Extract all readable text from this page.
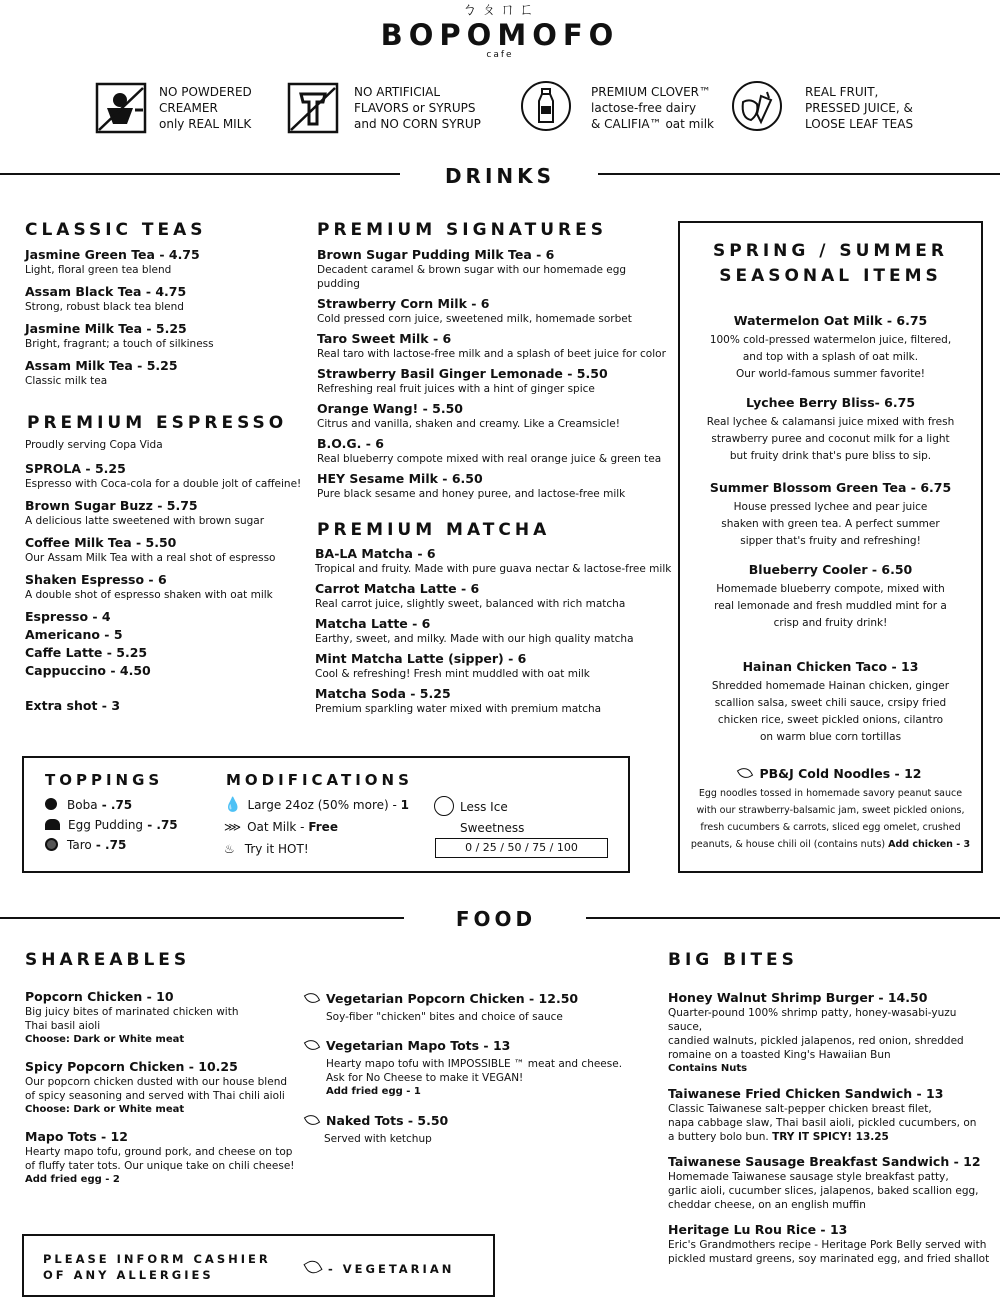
ㄅㄆㄇㄈ
BOPOMOFO
cafe
NO POWDERED
CREAMER
only REAL MILK
NO ARTIFICIAL
FLAVORS or SYRUPS
and NO CORN SYRUP
PREMIUM CLOVER™
lactose-free dairy
& CALIFIA™ oat milk
REAL FRUIT,
PRESSED JUICE, &
LOOSE LEAF TEAS
DRINKS
CLASSIC TEAS
Jasmine Green Tea - 4.75
Light, floral green tea blend
Assam Black Tea - 4.75
Strong, robust black tea blend
Jasmine Milk Tea - 5.25
Bright, fragrant; a touch of silkiness
Assam Milk Tea - 5.25
Classic milk tea
PREMIUM ESPRESSO
Proudly serving Copa Vida
SPROLA - 5.25
Espresso with Coca-cola for a double jolt of caffeine!
Brown Sugar Buzz - 5.75
A delicious latte sweetened with brown sugar
Coffee Milk Tea - 5.50
Our Assam Milk Tea with a real shot of espresso
Shaken Espresso - 6
A double shot of espresso shaken with oat milk
Espresso - 4
Americano - 5
Caffe Latte - 5.25
Cappuccino - 4.50
Extra shot - 3
PREMIUM SIGNATURES
Brown Sugar Pudding Milk Tea - 6
Decadent caramel & brown sugar with our homemade egg pudding
Strawberry Corn Milk - 6
Cold pressed corn juice, sweetened milk, homemade sorbet
Taro Sweet Milk - 6
Real taro with lactose-free milk and a splash of beet juice for color
Strawberry Basil Ginger Lemonade - 5.50
Refreshing real fruit juices with a hint of ginger spice
Orange Wang! - 5.50
Citrus and vanilla, shaken and creamy. Like a Creamsicle!
B.O.G. - 6
Real blueberry compote mixed with real orange juice & green tea
HEY Sesame Milk - 6.50
Pure black sesame and honey puree, and lactose-free milk
PREMIUM MATCHA
BA-LA Matcha - 6
Tropical and fruity. Made with pure guava nectar & lactose-free milk
Carrot Matcha Latte - 6
Real carrot juice, slightly sweet, balanced with rich matcha
Matcha Latte - 6
Earthy, sweet, and milky. Made with our high quality matcha
Mint Matcha Latte (sipper) - 6
Cool & refreshing! Fresh mint muddled with oat milk
Matcha Soda - 5.25
Premium sparkling water mixed with premium matcha
SPRING / SUMMER
SEASONAL ITEMS
Watermelon Oat Milk - 6.75
100% cold-pressed watermelon juice, filtered,
and top with a splash of oat milk.
Our world-famous summer favorite!
Lychee Berry Bliss- 6.75
Real lychee & calamansi juice mixed with fresh
strawberry puree and coconut milk for a light
but fruity drink that's pure bliss to sip.
Summer Blossom Green Tea - 6.75
House pressed lychee and pear juice
shaken with green tea. A perfect summer
sipper that's fruity and refreshing!
Blueberry Cooler - 6.50
Homemade blueberry compote, mixed with
real lemonade and fresh muddled mint for a
crisp and fruity drink!
Hainan Chicken Taco - 13
Shredded homemade Hainan chicken, ginger
scallion salsa, sweet chili sauce, crsipy fried
chicken rice, sweet pickled onions, cilantro
on warm blue corn tortillas
PB&J Cold Noodles - 12
Egg noodles tossed in homemade savory peanut sauce
with our strawberry-balsamic jam, sweet pickled onions,
fresh cucumbers & carrots, sliced egg omelet, crushed
peanuts, & house chili oil (contains nuts) Add chicken - 3
TOPPINGS
Boba - .75
Egg Pudding - .75
Taro - .75
MODIFICATIONS
💧 Large 24oz (50% more) - 1
⋙ Oat Milk - Free
♨ Try it HOT!
Less Ice
Sweetness
0 / 25 / 50 / 75 / 100
FOOD
SHAREABLES
Popcorn Chicken - 10
Big juicy bites of marinated chicken with
Thai basil aioli
Choose: Dark or White meat
Spicy Popcorn Chicken - 10.25
Our popcorn chicken dusted with our house blend
of spicy seasoning and served with Thai chili aioli
Choose: Dark or White meat
Mapo Tots - 12
Hearty mapo tofu, ground pork, and cheese on top
of fluffy tater tots. Our unique take on chili cheese!
Add fried egg - 2
Vegetarian Popcorn Chicken - 12.50
Soy-fiber "chicken" bites and choice of sauce
Vegetarian Mapo Tots - 13
Hearty mapo tofu with IMPOSSIBLE ™ meat and cheese.
Ask for No Cheese to make it VEGAN!
Add fried egg - 1
Naked Tots - 5.50
Served with ketchup
BIG BITES
Honey Walnut Shrimp Burger - 14.50
Quarter-pound 100% shrimp patty, honey-wasabi-yuzu sauce,
candied walnuts, pickled jalapenos, red onion, shredded
romaine on a toasted King's Hawaiian Bun
Contains Nuts
Taiwanese Fried Chicken Sandwich - 13
Classic Taiwanese salt-pepper chicken breast filet,
napa cabbage slaw, Thai basil aioli, pickled cucumbers, on
a buttery bolo bun. TRY IT SPICY! 13.25
Taiwanese Sausage Breakfast Sandwich - 12
Homemade Taiwanese sausage style breakfast patty,
garlic aioli, cucumber slices, jalapenos, baked scallion egg,
cheddar cheese, on an english muffin
Heritage Lu Rou Rice - 13
Eric's Grandmothers recipe - Heritage Pork Belly served with
pickled mustard greens, soy marinated egg, and fried shallot
PLEASE INFORM CASHIER
OF ANY ALLERGIES	- VEGETARIAN
